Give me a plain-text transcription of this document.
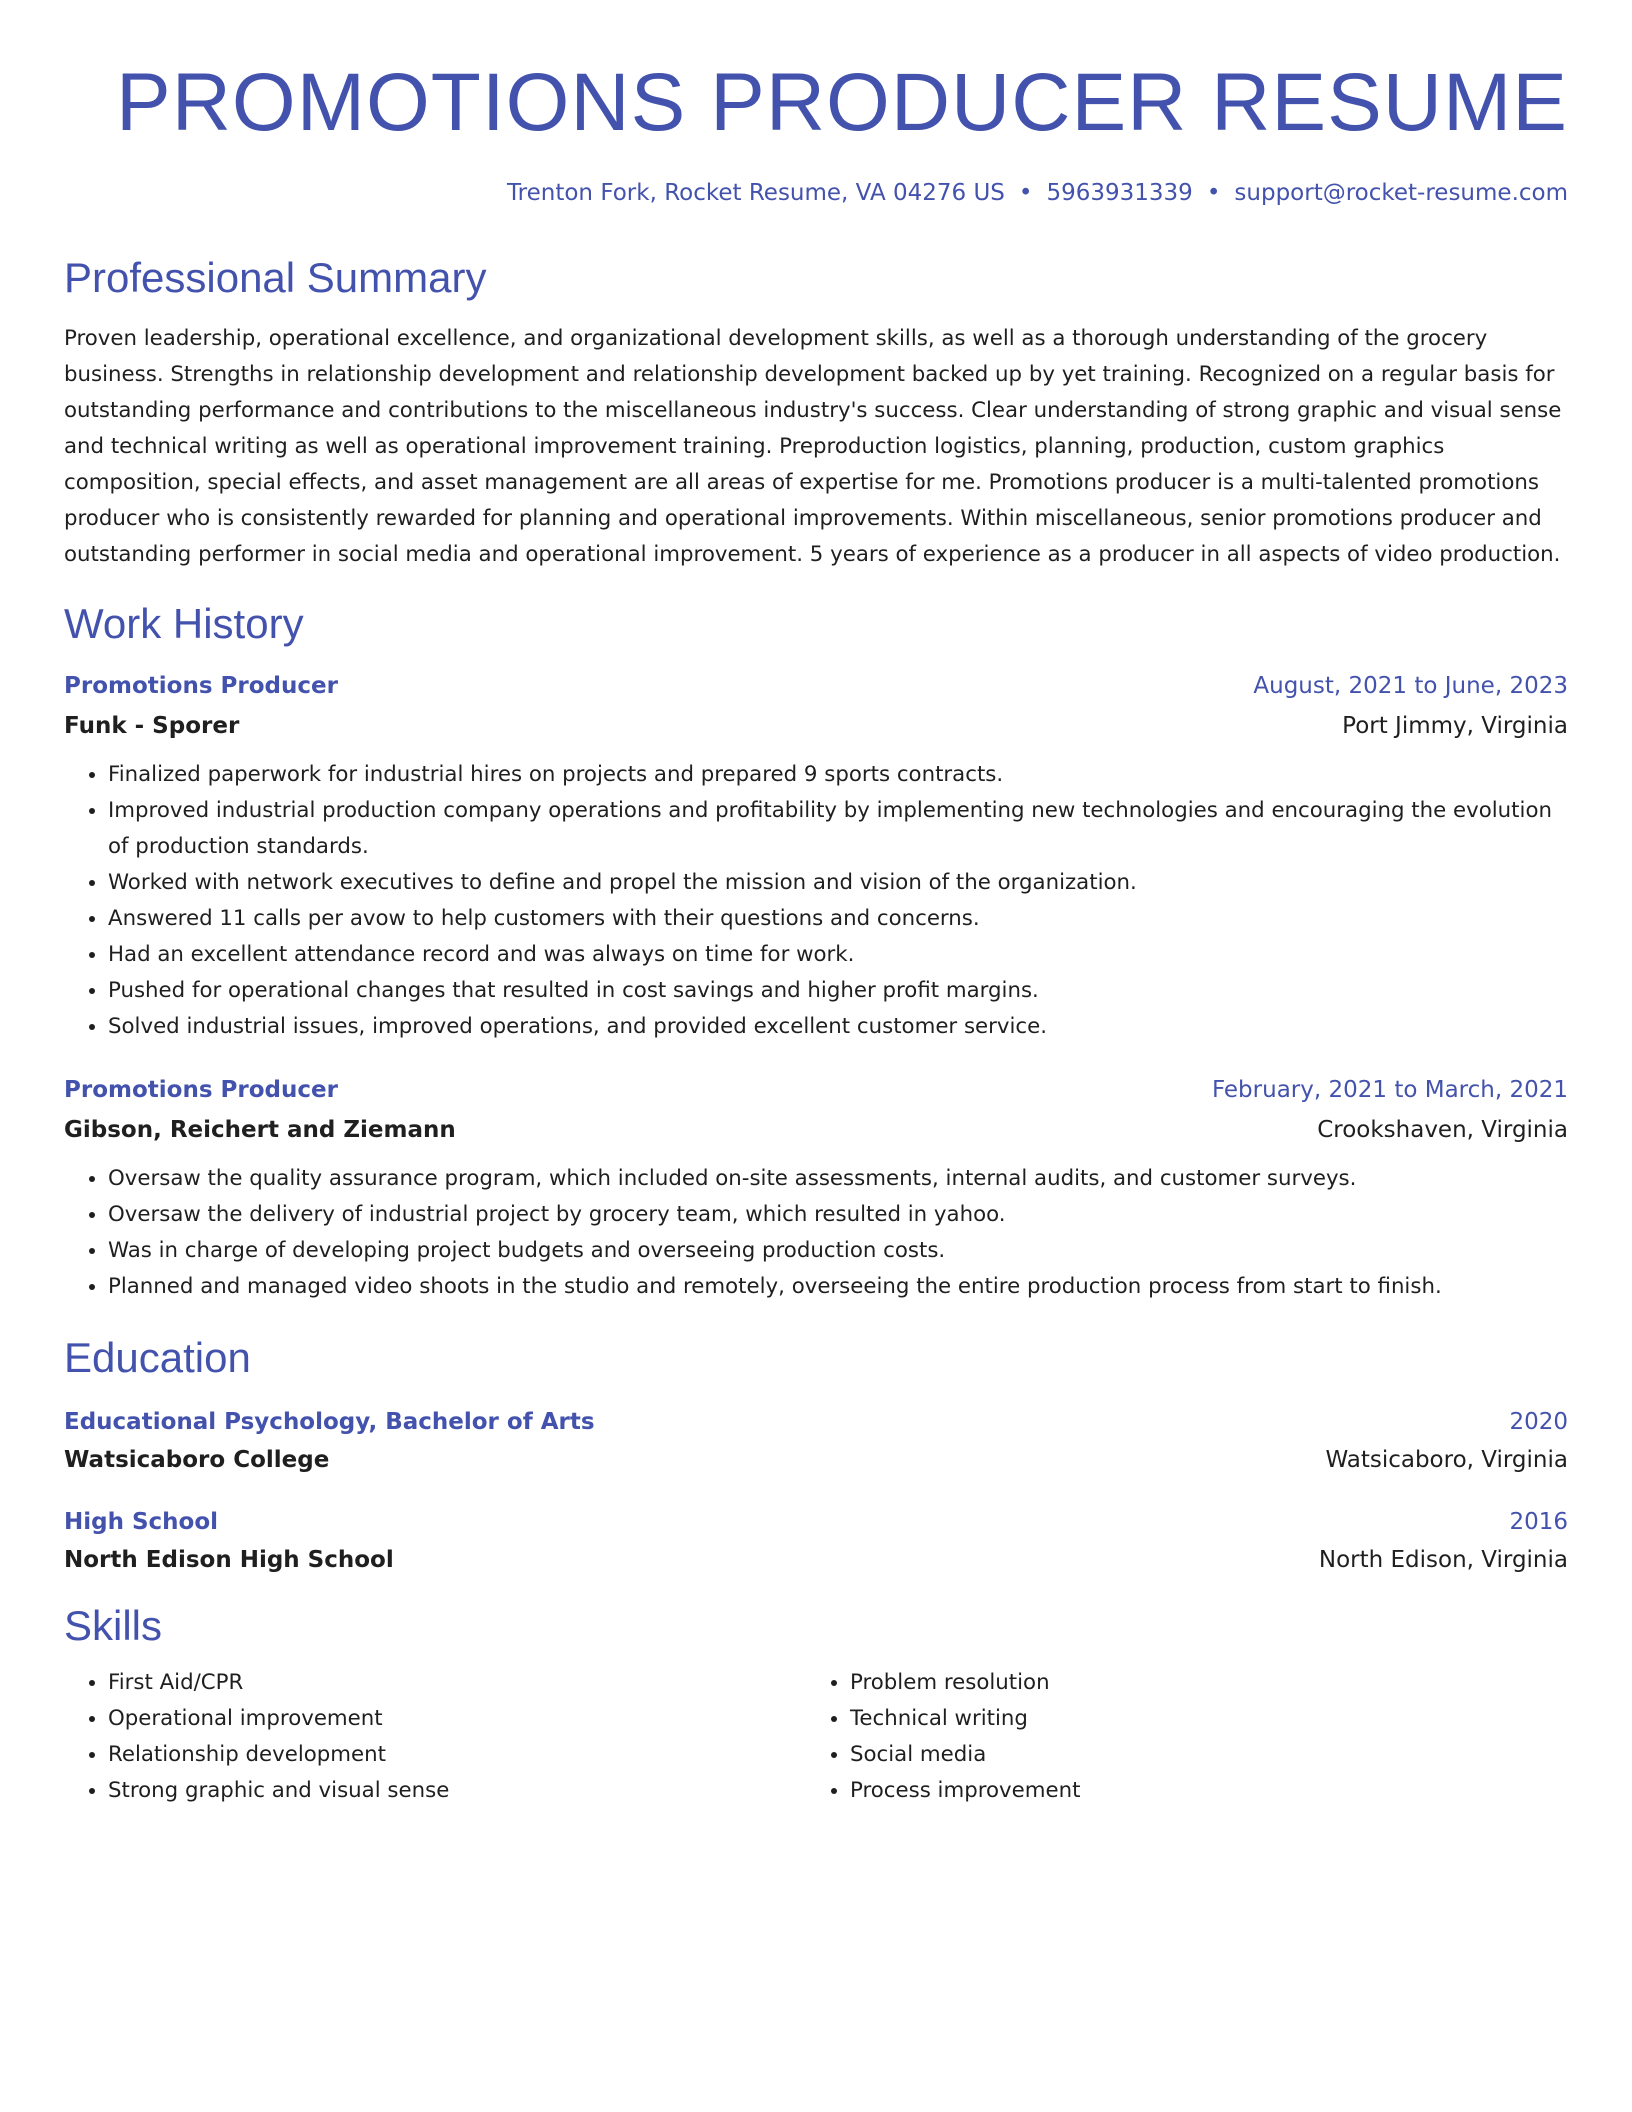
PROMOTIONS PRODUCER RESUME
Trenton Fork, Rocket Resume, VA 04276 US • 5963931339 • support@rocket-resume.com
Professional Summary
Proven leadership, operational excellence, and organizational development skills, as well as a thorough understanding of the grocery business. Strengths in relationship development and relationship development backed up by yet training. Recognized on a regular basis for outstanding performance and contributions to the miscellaneous industry's success. Clear understanding of strong graphic and visual sense and technical writing as well as operational improvement training. Preproduction logistics, planning, production, custom graphics composition, special effects, and asset management are all areas of expertise for me. Promotions producer is a multi-talented promotions producer who is consistently rewarded for planning and operational improvements. Within miscellaneous, senior promotions producer and outstanding performer in social media and operational improvement. 5 years of experience as a producer in all aspects of video production.
Work History
Promotions Producer	August, 2021 to June, 2023
Funk - Sporer	Port Jimmy, Virginia
• Finalized paperwork for industrial hires on projects and prepared 9 sports contracts.
• Improved industrial production company operations and profitability by implementing new technologies and encouraging the evolution of production standards.
• Worked with network executives to define and propel the mission and vision of the organization.
• Answered 11 calls per avow to help customers with their questions and concerns.
• Had an excellent attendance record and was always on time for work.
• Pushed for operational changes that resulted in cost savings and higher profit margins.
• Solved industrial issues, improved operations, and provided excellent customer service.
Promotions Producer	February, 2021 to March, 2021
Gibson, Reichert and Ziemann	Crookshaven, Virginia
• Oversaw the quality assurance program, which included on-site assessments, internal audits, and customer surveys.
• Oversaw the delivery of industrial project by grocery team, which resulted in yahoo.
• Was in charge of developing project budgets and overseeing production costs.
• Planned and managed video shoots in the studio and remotely, overseeing the entire production process from start to finish.
Education
Educational Psychology, Bachelor of Arts	2020
Watsicaboro College	Watsicaboro, Virginia
High School	2016
North Edison High School	North Edison, Virginia
Skills
• First Aid/CPR
• Operational improvement
• Relationship development
• Strong graphic and visual sense
• Problem resolution
• Technical writing
• Social media
• Process improvement
